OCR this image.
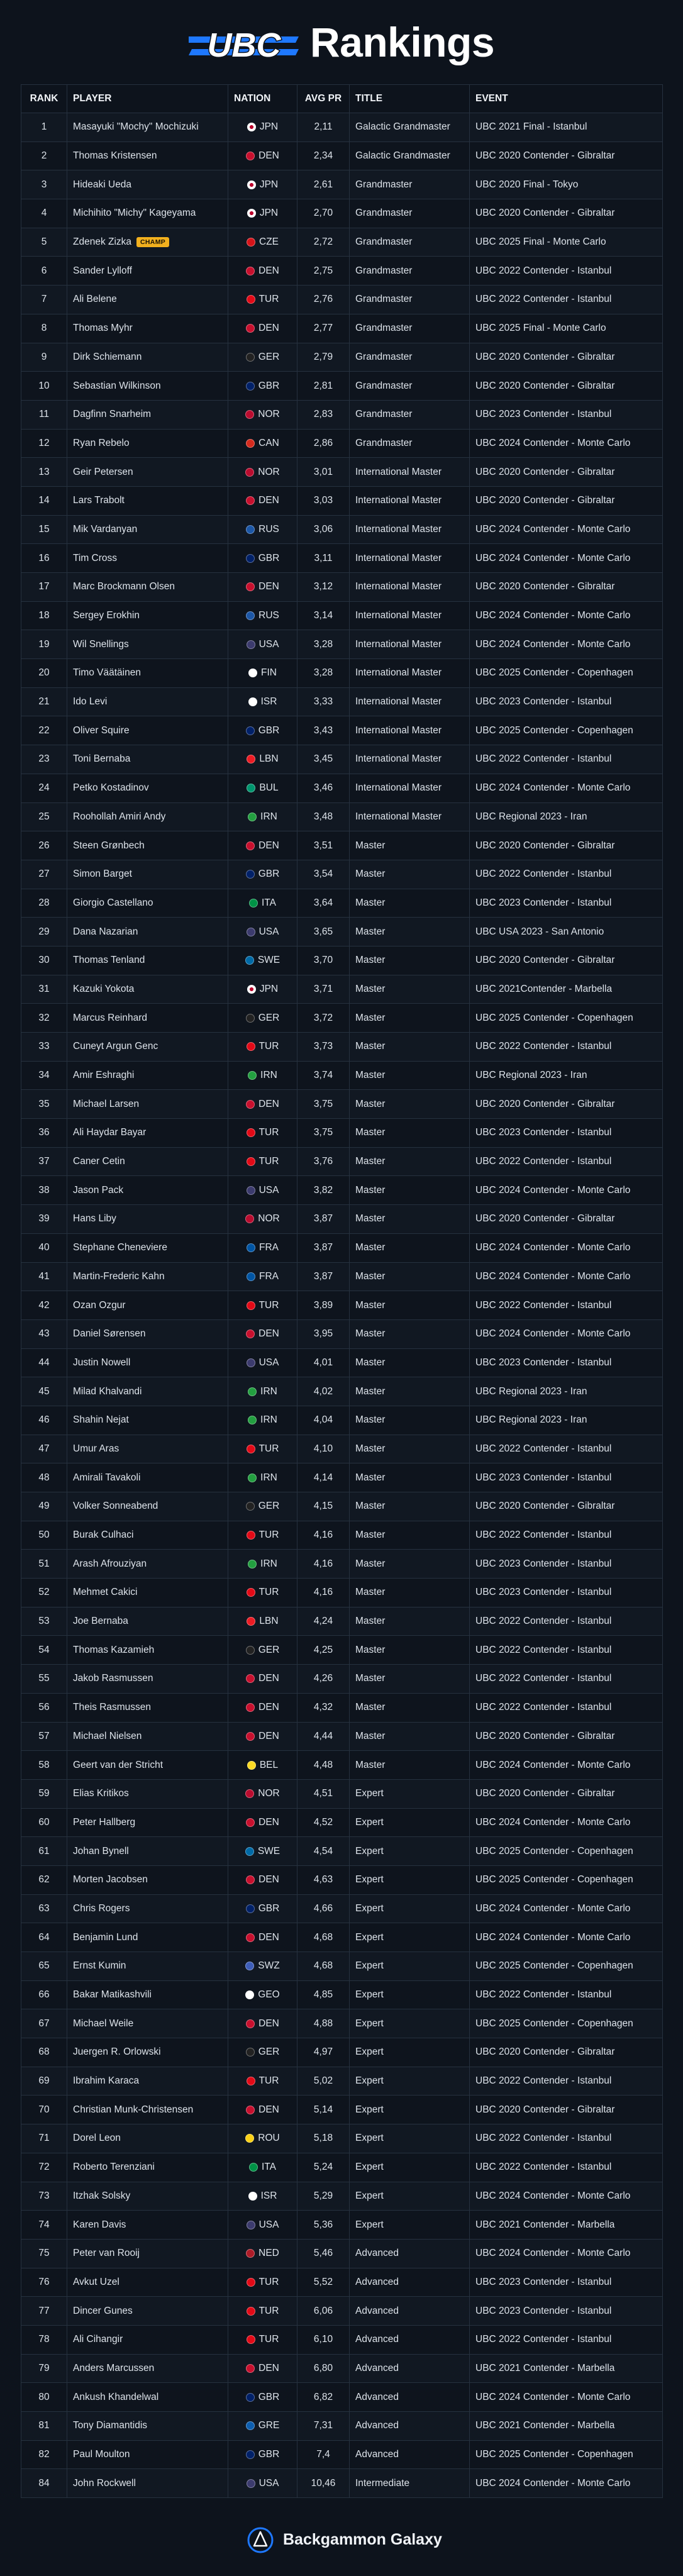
UBC Rankings
RANK	PLAYER	NATION	AVG PR	TITLE	EVENT
1	Masayuki "Mochy" Mochizuki	JPN	2,11	Galactic Grandmaster	UBC 2021 Final - Istanbul
2	Thomas Kristensen	DEN	2,34	Galactic Grandmaster	UBC 2020 Contender - Gibraltar
3	Hideaki Ueda	JPN	2,61	Grandmaster	UBC 2020 Final - Tokyo
4	Michihito "Michy" Kageyama	JPN	2,70	Grandmaster	UBC 2020 Contender - Gibraltar
5	Zdenek Zizka CHAMP	CZE	2,72	Grandmaster	UBC 2025 Final - Monte Carlo
6	Sander Lylloff	DEN	2,75	Grandmaster	UBC 2022 Contender - Istanbul
7	Ali Belene	TUR	2,76	Grandmaster	UBC 2022 Contender - Istanbul
8	Thomas Myhr	DEN	2,77	Grandmaster	UBC 2025 Final - Monte Carlo
9	Dirk Schiemann	GER	2,79	Grandmaster	UBC 2020 Contender - Gibraltar
10	Sebastian Wilkinson	GBR	2,81	Grandmaster	UBC 2020 Contender - Gibraltar
11	Dagfinn Snarheim	NOR	2,83	Grandmaster	UBC 2023 Contender - Istanbul
12	Ryan Rebelo	CAN	2,86	Grandmaster	UBC 2024 Contender - Monte Carlo
13	Geir Petersen	NOR	3,01	International Master	UBC 2020 Contender - Gibraltar
14	Lars Trabolt	DEN	3,03	International Master	UBC 2020 Contender - Gibraltar
15	Mik Vardanyan	RUS	3,06	International Master	UBC 2024 Contender - Monte Carlo
16	Tim Cross	GBR	3,11	International Master	UBC 2024 Contender - Monte Carlo
17	Marc Brockmann Olsen	DEN	3,12	International Master	UBC 2020 Contender - Gibraltar
18	Sergey Erokhin	RUS	3,14	International Master	UBC 2024 Contender - Monte Carlo
19	Wil Snellings	USA	3,28	International Master	UBC 2024 Contender - Monte Carlo
20	Timo Väätäinen	FIN	3,28	International Master	UBC 2025 Contender - Copenhagen
21	Ido Levi	ISR	3,33	International Master	UBC 2023 Contender - Istanbul
22	Oliver Squire	GBR	3,43	International Master	UBC 2025 Contender - Copenhagen
23	Toni Bernaba	LBN	3,45	International Master	UBC 2022 Contender - Istanbul
24	Petko Kostadinov	BUL	3,46	International Master	UBC 2024 Contender - Monte Carlo
25	Roohollah Amiri Andy	IRN	3,48	International Master	UBC Regional 2023 - Iran
26	Steen Grønbech	DEN	3,51	Master	UBC 2020 Contender - Gibraltar
27	Simon Barget	GBR	3,54	Master	UBC 2022 Contender - Istanbul
28	Giorgio Castellano	ITA	3,64	Master	UBC 2023 Contender - Istanbul
29	Dana Nazarian	USA	3,65	Master	UBC USA 2023 - San Antonio
30	Thomas Tenland	SWE	3,70	Master	UBC 2020 Contender - Gibraltar
31	Kazuki Yokota	JPN	3,71	Master	UBC 2021Contender - Marbella
32	Marcus Reinhard	GER	3,72	Master	UBC 2025 Contender - Copenhagen
33	Cuneyt Argun Genc	TUR	3,73	Master	UBC 2022 Contender - Istanbul
34	Amir Eshraghi	IRN	3,74	Master	UBC Regional 2023 - Iran
35	Michael Larsen	DEN	3,75	Master	UBC 2020 Contender - Gibraltar
36	Ali Haydar Bayar	TUR	3,75	Master	UBC 2023 Contender - Istanbul
37	Caner Cetin	TUR	3,76	Master	UBC 2022 Contender - Istanbul
38	Jason Pack	USA	3,82	Master	UBC 2024 Contender - Monte Carlo
39	Hans Liby	NOR	3,87	Master	UBC 2020 Contender - Gibraltar
40	Stephane Cheneviere	FRA	3,87	Master	UBC 2024 Contender - Monte Carlo
41	Martin-Frederic Kahn	FRA	3,87	Master	UBC 2024 Contender - Monte Carlo
42	Ozan Ozgur	TUR	3,89	Master	UBC 2022 Contender - Istanbul
43	Daniel Sørensen	DEN	3,95	Master	UBC 2024 Contender - Monte Carlo
44	Justin Nowell	USA	4,01	Master	UBC 2023 Contender - Istanbul
45	Milad Khalvandi	IRN	4,02	Master	UBC Regional 2023 - Iran
46	Shahin Nejat	IRN	4,04	Master	UBC Regional 2023 - Iran
47	Umur Aras	TUR	4,10	Master	UBC 2022 Contender - Istanbul
48	Amirali Tavakoli	IRN	4,14	Master	UBC 2023 Contender - Istanbul
49	Volker Sonneabend	GER	4,15	Master	UBC 2020 Contender - Gibraltar
50	Burak Culhaci	TUR	4,16	Master	UBC 2022 Contender - Istanbul
51	Arash Afrouziyan	IRN	4,16	Master	UBC 2023 Contender - Istanbul
52	Mehmet Cakici	TUR	4,16	Master	UBC 2023 Contender - Istanbul
53	Joe Bernaba	LBN	4,24	Master	UBC 2022 Contender - Istanbul
54	Thomas Kazamieh	GER	4,25	Master	UBC 2022 Contender - Istanbul
55	Jakob Rasmussen	DEN	4,26	Master	UBC 2022 Contender - Istanbul
56	Theis Rasmussen	DEN	4,32	Master	UBC 2022 Contender - Istanbul
57	Michael Nielsen	DEN	4,44	Master	UBC 2020 Contender - Gibraltar
58	Geert van der Stricht	BEL	4,48	Master	UBC 2024 Contender - Monte Carlo
59	Elias Kritikos	NOR	4,51	Expert	UBC 2020 Contender - Gibraltar
60	Peter Hallberg	DEN	4,52	Expert	UBC 2024 Contender - Monte Carlo
61	Johan Bynell	SWE	4,54	Expert	UBC 2025 Contender - Copenhagen
62	Morten Jacobsen	DEN	4,63	Expert	UBC 2025 Contender - Copenhagen
63	Chris Rogers	GBR	4,66	Expert	UBC 2024 Contender - Monte Carlo
64	Benjamin Lund	DEN	4,68	Expert	UBC 2024 Contender - Monte Carlo
65	Ernst Kumin	SWZ	4,68	Expert	UBC 2025 Contender - Copenhagen
66	Bakar Matikashvili	GEO	4,85	Expert	UBC 2022 Contender - Istanbul
67	Michael Weile	DEN	4,88	Expert	UBC 2025 Contender - Copenhagen
68	Juergen R. Orlowski	GER	4,97	Expert	UBC 2020 Contender - Gibraltar
69	Ibrahim Karaca	TUR	5,02	Expert	UBC 2022 Contender - Istanbul
70	Christian Munk-Christensen	DEN	5,14	Expert	UBC 2020 Contender - Gibraltar
71	Dorel Leon	ROU	5,18	Expert	UBC 2022 Contender - Istanbul
72	Roberto Terenziani	ITA	5,24	Expert	UBC 2022 Contender - Istanbul
73	Itzhak Solsky	ISR	5,29	Expert	UBC 2024 Contender - Monte Carlo
74	Karen Davis	USA	5,36	Expert	UBC 2021 Contender - Marbella
75	Peter van Rooij	NED	5,46	Advanced	UBC 2024 Contender - Monte Carlo
76	Avkut Uzel	TUR	5,52	Advanced	UBC 2023 Contender - Istanbul
77	Dincer Gunes	TUR	6,06	Advanced	UBC 2023 Contender - Istanbul
78	Ali Cihangir	TUR	6,10	Advanced	UBC 2022 Contender - Istanbul
79	Anders Marcussen	DEN	6,80	Advanced	UBC 2021 Contender - Marbella
80	Ankush Khandelwal	GBR	6,82	Advanced	UBC 2024 Contender - Monte Carlo
81	Tony Diamantidis	GRE	7,31	Advanced	UBC 2021 Contender - Marbella
82	Paul Moulton	GBR	7,4	Advanced	UBC 2025 Contender - Copenhagen
84	John Rockwell	USA	10,46	Intermediate	UBC 2024 Contender - Monte Carlo
Backgammon Galaxy
